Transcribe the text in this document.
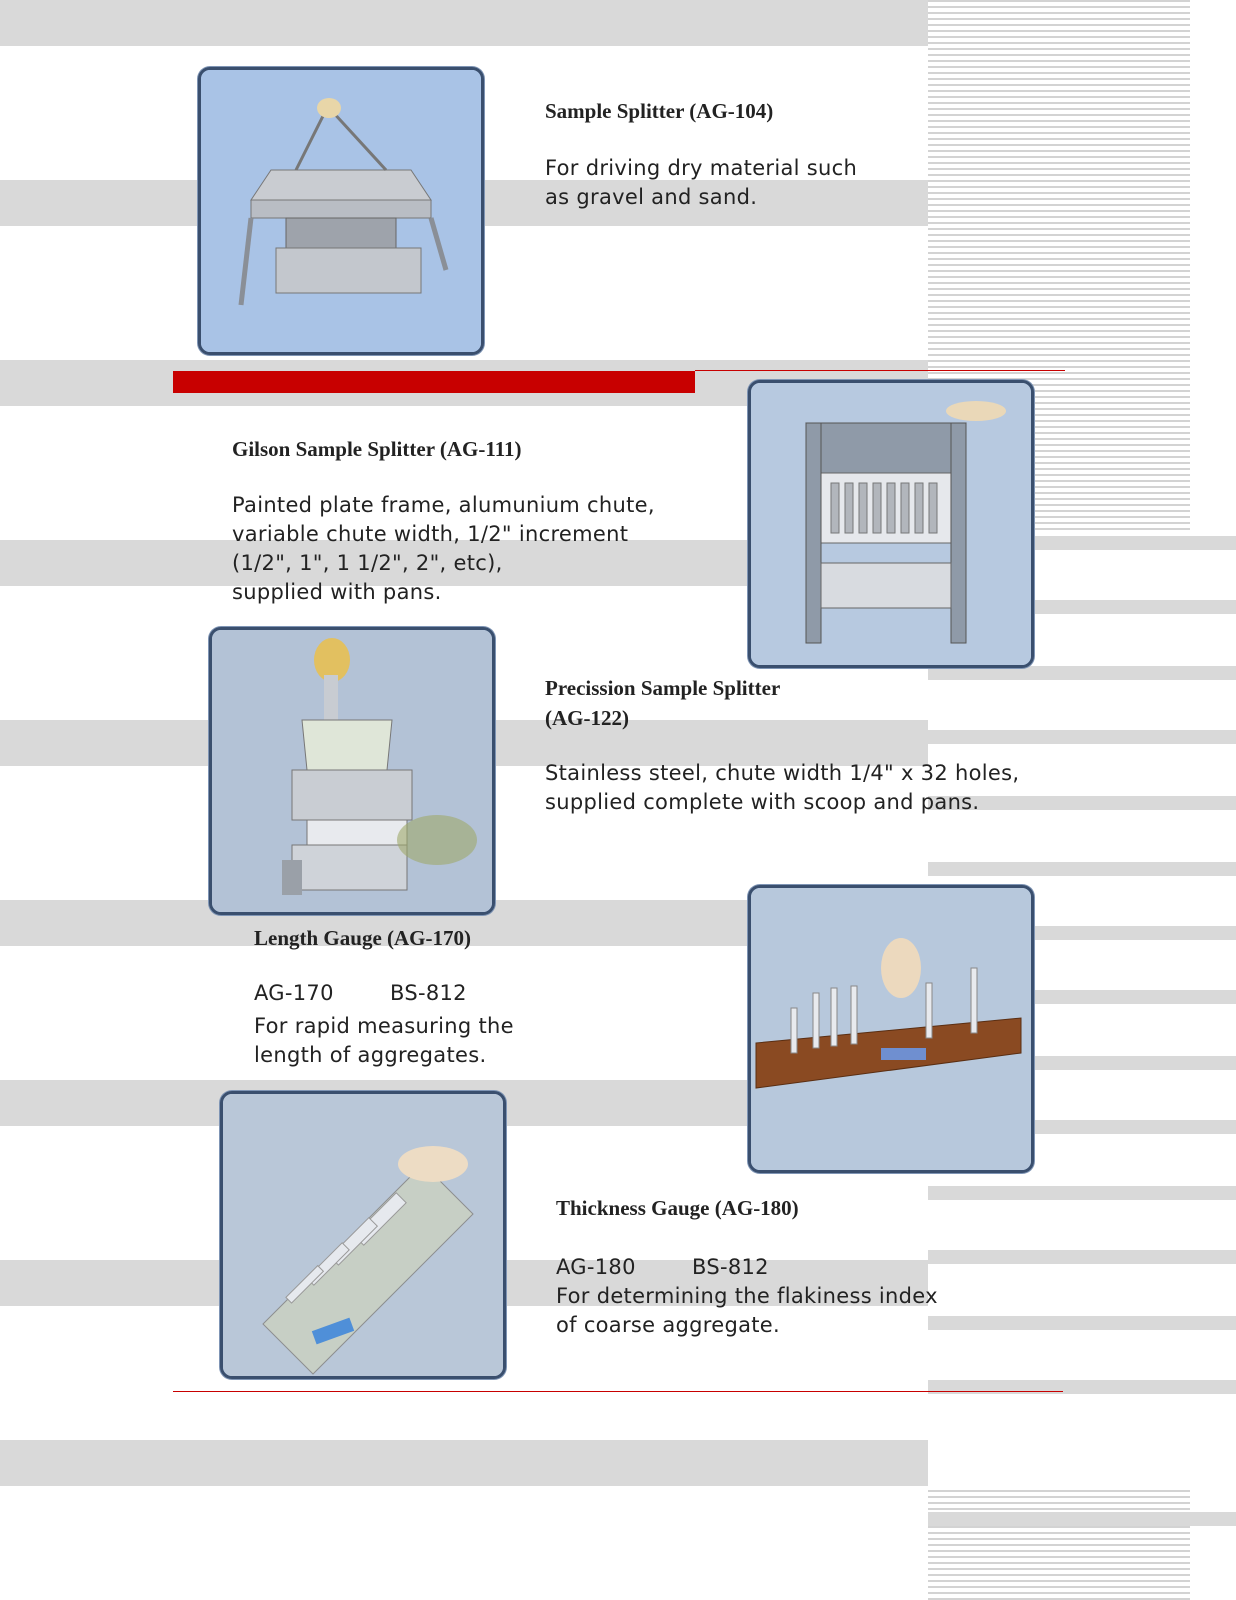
Sample Splitter (AG-104)
For driving dry material such
as gravel and sand.
Gilson Sample Splitter (AG-111)
Painted plate frame, alumunium chute,
variable chute width, 1/2" increment
(1/2", 1", 1 1/2", 2", etc),
supplied with pans.
Precission Sample Splitter
(AG-122)
Stainless steel, chute width 1/4" x 32 holes,
supplied complete with scoop and pans.
Length Gauge (AG-170)
AG-170	BS-812
For rapid measuring the
length of aggregates.
Thickness Gauge (AG-180)
AG-180	BS-812
For determining the flakiness index
of coarse aggregate.
